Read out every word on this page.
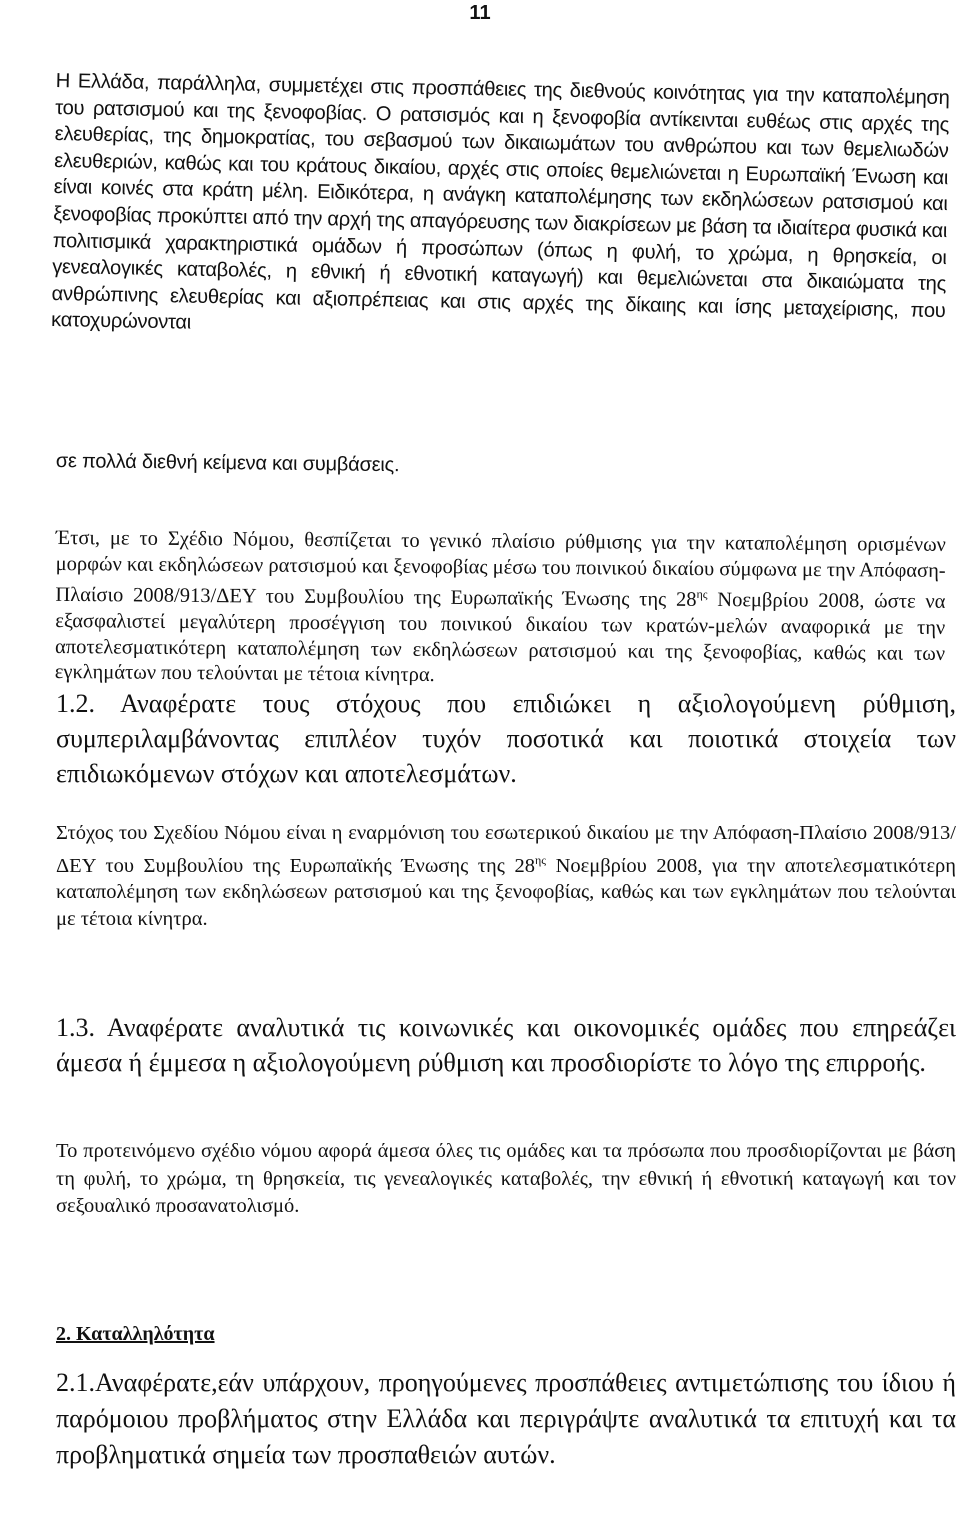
11

Η Ελλάδα, παράλληλα, συμμετέχει στις προσπάθειες της διεθνούς κοινότητας για την καταπολέμηση του ρατσισμού και της ξενοφοβίας. Ο ρατσισμός και η ξενοφοβία αντίκεινται ευθέως στις αρχές της ελευθερίας, της δημοκρατίας, του σεβασμού των δικαιωμάτων του ανθρώπου και των θεμελιωδών ελευθεριών, καθώς και του κράτους δικαίου, αρχές στις οποίες θεμελιώνεται η Ευρωπαϊκή Ένωση και είναι κοινές στα κράτη μέλη. Ειδικότερα, η ανάγκη καταπολέμησης των εκδηλώσεων ρατσισμού και ξενοφοβίας προκύπτει από την αρχή της απαγόρευσης των διακρίσεων με βάση τα ιδιαίτερα φυσικά και πολιτισμικά χαρακτηριστικά ομάδων ή προσώπων (όπως η φυλή, το χρώμα, η θρησκεία, οι γενεαλογικές καταβολές, η εθνική ή εθνοτική καταγωγή) και θεμελιώνεται στα δικαιώματα της ανθρώπινης ελευθερίας και αξιοπρέπειας και στις αρχές της δίκαιης και ίσης μεταχείρισης, που κατοχυρώνονται

σε πολλά διεθνή κείμενα και συμβάσεις.

Έτσι, με το Σχέδιο Νόμου, θεσπίζεται το γενικό πλαίσιο ρύθμισης για την καταπολέμηση ορισμένων μορφών και εκδηλώσεων ρατσισμού και ξενοφοβίας μέσω του ποινικού δικαίου σύμφωνα με την Απόφαση-Πλαίσιο 2008/913/ΔΕΥ του Συμβουλίου της Ευρωπαϊκής Ένωσης της $28^{\eta\varsigma}$ Νοεμβρίου 2008, ώστε να εξασφαλιστεί μεγαλύτερη προσέγγιση του ποινικού δικαίου των κρατών-μελών αναφορικά με την αποτελεσματικότερη καταπολέμηση των εκδηλώσεων ρατσισμού και της ξενοφοβίας, καθώς και των εγκλημάτων που τελούνται με τέτοια κίνητρα.

1.2. Αναφέρατε τους στόχους που επιδιώκει η αξιολογούμενη ρύθμιση, συμπεριλαμβάνοντας επιπλέον τυχόν ποσοτικά και ποιοτικά στοιχεία των επιδιωκόμενων στόχων και αποτελεσμάτων.

Στόχος του Σχεδίου Νόμου είναι η εναρμόνιση του εσωτερικού δικαίου με την Απόφαση-Πλαίσιο 2008/913/ΔΕΥ του Συμβουλίου της Ευρωπαϊκής Ένωσης της $28^{\eta\varsigma}$ Νοεμβρίου 2008, για την αποτελεσματικότερη καταπολέμηση των εκδηλώσεων ρατσισμού και της ξενοφοβίας, καθώς και των εγκλημάτων που τελούνται με τέτοια κίνητρα.

1.3. Αναφέρατε αναλυτικά τις κοινωνικές και οικονομικές ομάδες που επηρεάζει άμεσα ή έμμεσα η αξιολογούμενη ρύθμιση και προσδιορίστε το λόγο της επιρροής.

Το προτεινόμενο σχέδιο νόμου αφορά άμεσα όλες τις ομάδες και τα πρόσωπα που προσδιορίζονται με βάση τη φυλή, το χρώμα, τη θρησκεία, τις γενεαλογικές καταβολές, την εθνική ή εθνοτική καταγωγή και τον σεξουαλικό προσανατολισμό.

2. Καταλληλότητα

2.1.Αναφέρατε,εάν υπάρχουν, προηγούμενες προσπάθειες αντιμετώπισης του ίδιου ή παρόμοιου προβλήματος στην Ελλάδα και περιγράψτε αναλυτικά τα επιτυχή και τα προβληματικά σημεία των προσπαθειών αυτών.
